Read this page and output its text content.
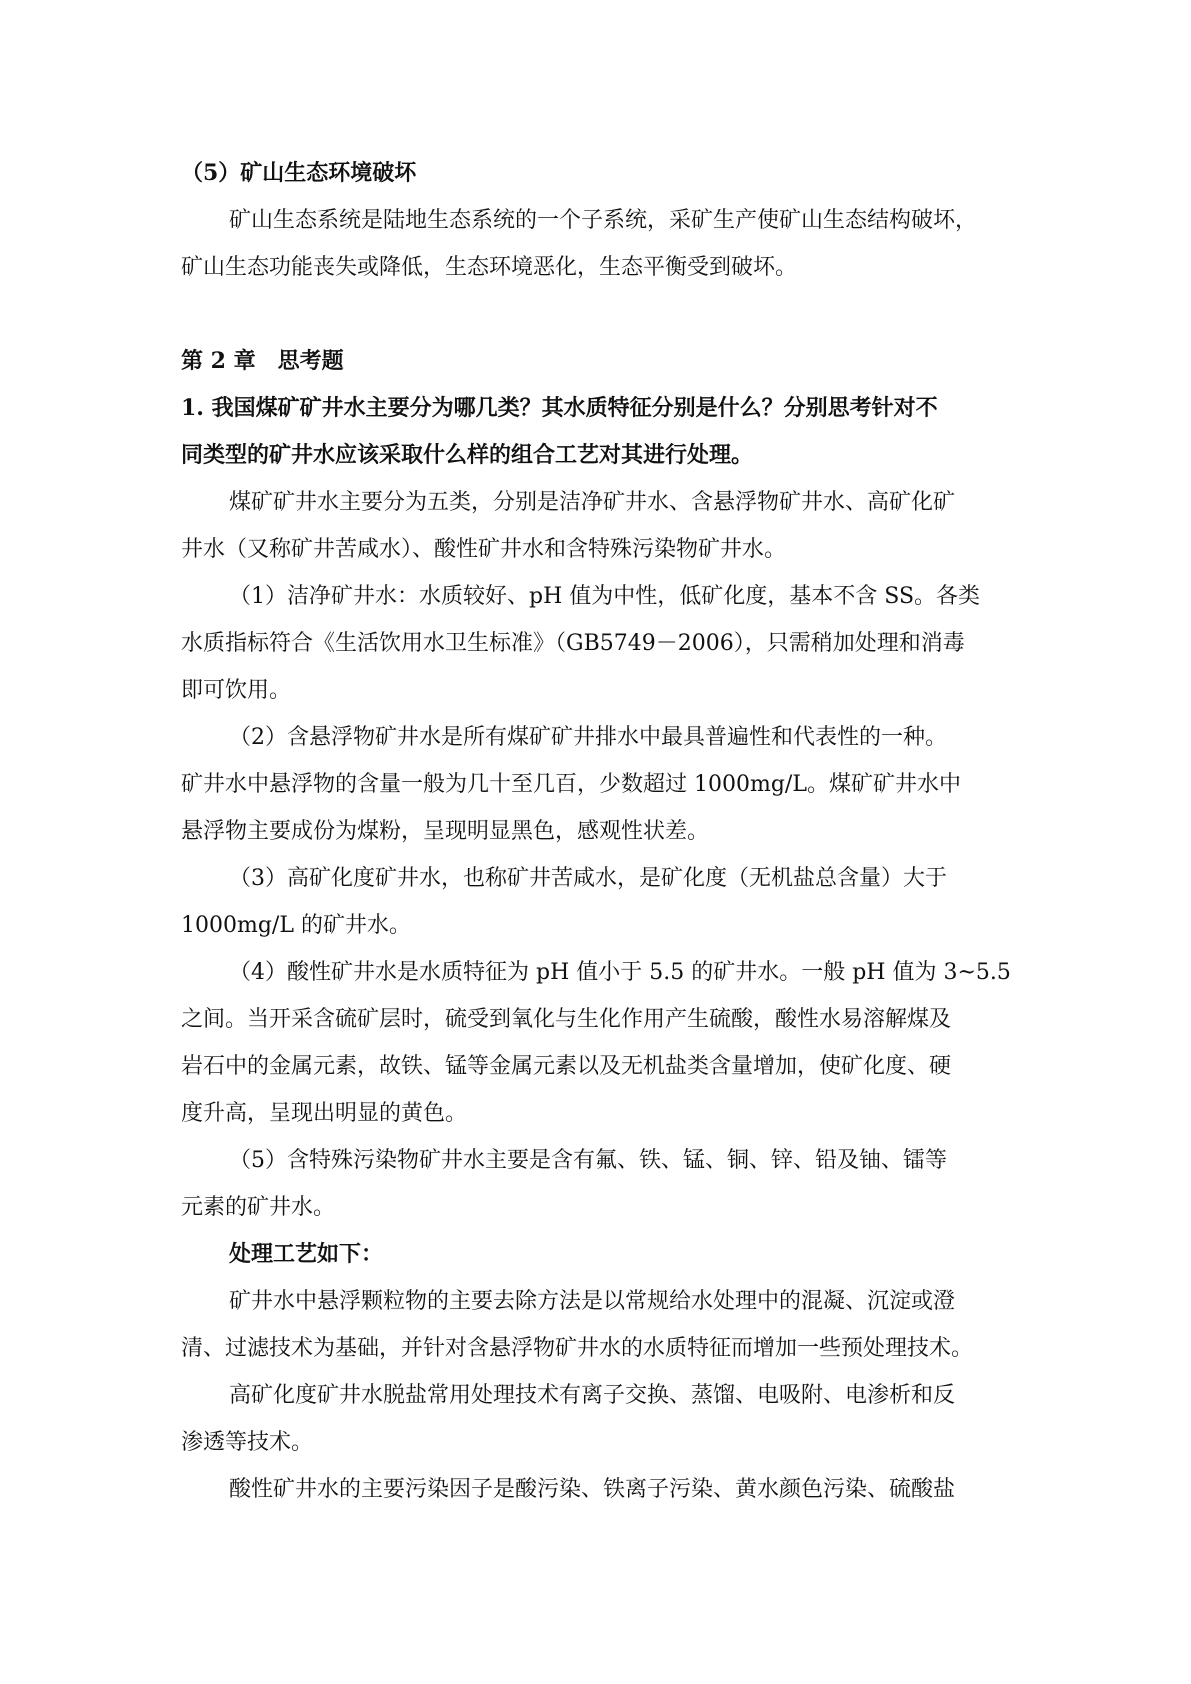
（5）矿山生态环境破坏

矿山生态系统是陆地生态系统的一个子系统，采矿生产使矿山生态结构破坏，

矿山生态功能丧失或降低，生态环境恶化，生态平衡受到破坏。

第 2 章　思考题

1. 我国煤矿矿井水主要分为哪几类？其水质特征分别是什么？分别思考针对不

同类型的矿井水应该采取什么样的组合工艺对其进行处理。

煤矿矿井水主要分为五类，分别是洁净矿井水、含悬浮物矿井水、高矿化矿

井水（又称矿井苦咸水）、酸性矿井水和含特殊污染物矿井水。

（1）洁净矿井水：水质较好、pH 值为中性，低矿化度，基本不含 SS。各类

水质指标符合《生活饮用水卫生标准》（GB5749－2006），只需稍加处理和消毒

即可饮用。

（2）含悬浮物矿井水是所有煤矿矿井排水中最具普遍性和代表性的一种。

矿井水中悬浮物的含量一般为几十至几百，少数超过 1000mg/L。煤矿矿井水中

悬浮物主要成份为煤粉，呈现明显黑色，感观性状差。

（3）高矿化度矿井水，也称矿井苦咸水，是矿化度（无机盐总含量）大于

1000mg/L 的矿井水。

（4）酸性矿井水是水质特征为 pH 值小于 5.5 的矿井水。一般 pH 值为 3~5.5

之间。当开采含硫矿层时，硫受到氧化与生化作用产生硫酸，酸性水易溶解煤及

岩石中的金属元素，故铁、锰等金属元素以及无机盐类含量增加，使矿化度、硬

度升高，呈现出明显的黄色。

（5）含特殊污染物矿井水主要是含有氟、铁、锰、铜、锌、铅及铀、镭等

元素的矿井水。

处理工艺如下：

矿井水中悬浮颗粒物的主要去除方法是以常规给水处理中的混凝、沉淀或澄

清、过滤技术为基础，并针对含悬浮物矿井水的水质特征而增加一些预处理技术。

高矿化度矿井水脱盐常用处理技术有离子交换、蒸馏、电吸附、电渗析和反

渗透等技术。

酸性矿井水的主要污染因子是酸污染、铁离子污染、黄水颜色污染、硫酸盐
